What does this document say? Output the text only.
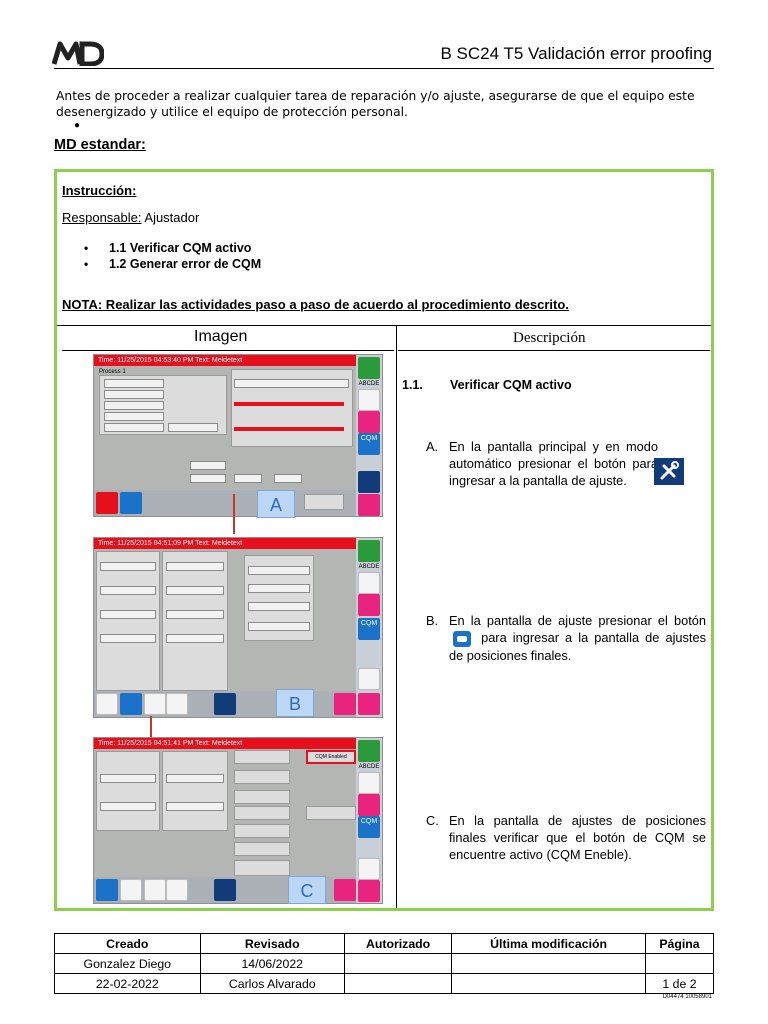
B SC24 T5 Validación error proofing
Antes de proceder a realizar cualquier tarea de reparación y/o ajuste, asegurarse de que el equipo este desenergizado y utilice el equipo de protección personal.
●
MD estandar:
Instrucción:
Responsable: Ajustador
• 1.1 Verificar CQM activo
• 1.2 Generar error de CQM
NOTA: Realizar las actividades paso a paso de acuerdo al procedimiento descrito.
Imagen	Descripción
Time: 11/25/2015 04:53:40 PM Text: Meldetext
ABCDE
CQM
Process 1
A
Time: 11/25/2015 04:51:09 PM Text: Meldetext
ABCDE
CQM
B
Time: 11/25/2015 04:51:41 PM Text: Meldetext
ABCDE
CQM
CQM Enabled
C
1.1. Verificar CQM activo
A. En la pantalla principal y en modo automático presionar el botón para ingresar a la pantalla de ajuste.
B. En la pantalla de ajuste presionar el botón  para ingresar a la pantalla de ajustes de posiciones finales.
C. En la pantalla de ajustes de posiciones finales verificar que el botón de CQM se encuentre activo (CQM Eneble).
Creado	Revisado	Autorizado	Última modificación	Página
Gonzalez Diego	14/06/2022			
22-02-2022	Carlos Alvarado			1 de 2
D04474 10058901
